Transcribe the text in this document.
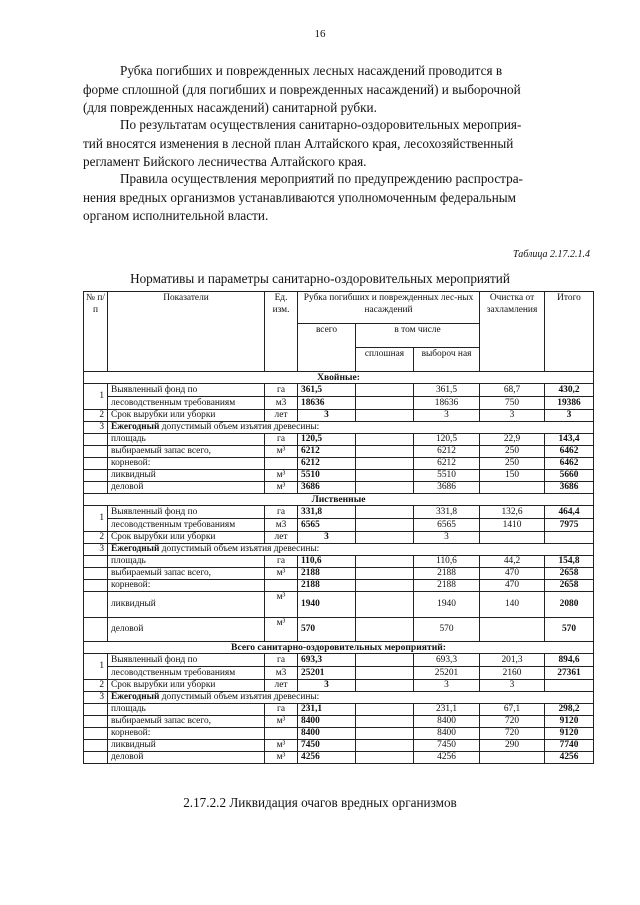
16
Рубка погибших и поврежденных лесных насаждений проводится в
форме сплошной (для погибших и поврежденных насаждений) и выборочной
(для поврежденных насаждений) санитарной рубки.
По результатам осуществления санитарно-оздоровительных мероприя-
тий вносятся изменения в лесной план Алтайского края, лесохозяйственный
регламент Бийского лесничества Алтайского края.
Правила осуществления мероприятий по предупреждению распростра-
нения вредных организмов устанавливаются уполномоченным федеральным
органом исполнительной власти.
Таблица 2.17.2.1.4
Нормативы и параметры санитарно-оздоровительных мероприятий
№ п/п	Показатели	Ед. изм.	Рубка погибших и поврежденных лес-ных насаждений			Очистка от захламления	Итого
			всего	в том числе			
				сплошная	выбороч ная		
Хвойные:							
1	Выявленный фонд по	га	361,5		361,5	68,7	430,2
	лесоводственным требованиям	м3	18636		18636	750	19386
2	Срок вырубки или уборки	лет	3		3	3	3
3	Ежегодный допустимый объем изъятия древесины:						
	площадь	га	120,5		120,5	22,9	143,4
	выбираемый запас всего,	м³	6212		6212	250	6462
	корневой:		6212		6212	250	6462
	ликвидный	м³	5510		5510	150	5660
	деловой	м³	3686		3686		3686
Лиственные							
1	Выявленный фонд по	га	331,8		331,8	132,6	464,4
	лесоводственным требованиям	м3	6565		6565	1410	7975
2	Срок вырубки или уборки	лет	3		3		
3	Ежегодный допустимый объем изъятия древесины:						
	площадь	га	110,6		110,6	44,2	154,8
	выбираемый запас всего,	м³	2188		2188	470	2658
	корневой:		2188		2188	470	2658
	ликвидный	м³	1940		1940	140	2080
	деловой	м³	570		570		570
Всего санитарно-оздоровительных мероприятий:							
1	Выявленный фонд по	га	693,3		693,3	201,3	894,6
	лесоводственным требованиям	м3	25201		25201	2160	27361
2	Срок вырубки или уборки	лет	3		3	3	
3	Ежегодный допустимый объем изъятия древесины:						
	площадь	га	231,1		231,1	67,1	298,2
	выбираемый запас всего,	м³	8400		8400	720	9120
	корневой:		8400		8400	720	9120
	ликвидный	м³	7450		7450	290	7740
	деловой	м³	4256		4256		4256
2.17.2.2 Ликвидация очагов вредных организмов
